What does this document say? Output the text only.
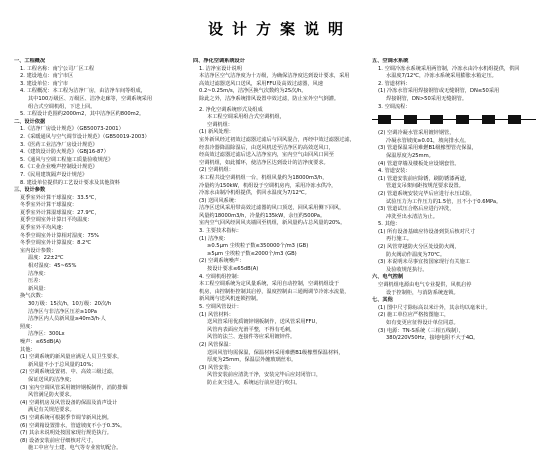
设计方案说明
一、工程概况
1. 工程名称：南宁公司厂区工程
2. 建设地点：南宁市区
3. 建设单位：南宁市
4. 工程概况：本工程为洁净厂房，由洁净车间等组成，
其中100万级区、万级区、洁净走廊等，空调系统采用
组合式空调机组，下送上回。
5. 工程设计范围约2000m2，其中洁净区约800m2。
二、设计依据
1.《洁净厂房设计规范》（GB50073-2001）
2.《采暖通风与空气调节设计规范》（GB50019-2003）
3.《医药工业洁净厂房设计规范》
4.《建筑设计防火规范》（GBJ16-87）
5.《通风与空调工程施工质量验收规范》
6.《工业企业噪声控制设计规范》
7.《民用建筑隔声设计规范》
8. 建设单位提供的工艺设计要求及其他资料
三、设计参数
夏季室外计算干球温度：33.5℃，
冬季室外计算干球温度：
夏季室外计算湿球温度：27.9℃，
夏季空调室外计算日平均温度：
夏季室外平均风速：
冬季空调室外计算相对湿度：75%
冬季空调室外计算温度：8.2℃
室内设计参数：
温度：22±2℃
相对湿度：45~65%
洁净度：
压差：
新风量：
换气次数：
30万级：15次/h，10万级：20次/h
洁净区与非洁净区压差≥10Pa
洁净区内人员新风量≥40m3/h·人
照度：
洁净区：300Lx
噪声：≤65dB(A)
其他：
(1) 空调系统的新风量应满足人员卫生要求，
新风量不小于总风量的10%；
(2) 空调系统设置初、中、高效三级过滤，
保证送风的洁净度；
(3) 室内空调风管采用镀锌钢板制作，消防排烟
风管满足防火要求。
(4) 空调机房及风管设备的保温及消声设计
满足有关规范要求。
(5) 空调系统可根据季节调节新风比例。
(6) 空调箱设置排水，管道坡度不小于0.3%。
(7) 其余未说明处按国家现行规范执行。
(8) 设备安装前应仔细核对尺寸，
施工中应与土建、电气等专业密切配合。
四、净化空调系统设计
1. 洁净室设计说明
本洁净区空气洁净度为十万级，为确保洁净度达到设计要求，采用
高效过滤器送风口送风，采用FFU及高效过滤器，风速
0.2~0.25m/s，洁净区换气次数约为25次/h。
除此之外，洁净系统排风设置中效过滤，防止室外空气倒灌。
2. 净化空调系统形式及组成
本工程空调采用组合式空调机组，
空调机组：
(1) 新风处理：
室外新风经过初效过滤器过滤后与回风混合，再经中效过滤器过滤，
经表冷器降温除湿后，由送风机送至洁净区的高效送风口，
经高效过滤器过滤后送入洁净室内，室内空气由回风口回至
空调机组，如此循环，使洁净区达到设计的洁净度要求。
(2) 空调机组：
本工程共设空调机组一台，机组风量约为18000m3/h，
冷量约为150kW，机组设于空调机房内，采用冷冻水供冷，
冷冻水由制冷机组提供，供回水温度为7/12℃。
(3) 送回风系统：
洁净区送风采用带高效过滤器的风口顶送，回风采用侧下回风，
风量约18000m3/h，冷量约135kW，余压约500Pa。
室内空气回风经回风夹墙回至机组，新风量约占总风量的20%。
3. 主要技术指标：
(1) 洁净度：
≥0.5μm 尘埃粒子数≤350000个/m3 (GB)
≥5μm 尘埃粒子数≤2000个/m3 (GB)
(2) 空调系统噪声：
按设计要求≤65dB(A)
4. 空调机组控制：
本工程空调系统为定风量系统，采用自动控制，空调机组设于
机房，由控制柜控制其启停，温度控制由三通阀调节冷冻水流量，
新风阀与送风机连锁控制。
5. 空调风管设计：
(1) 风管材料：
送风管采用优质镀锌钢板制作，送风管采用FFU，
风管内表面应光滑平整，不得有毛刺，
风管的法兰、连接件等应采用镀锌件。
(2) 风管保温：
送回风管均需保温，保温材料采用难燃B1级橡塑保温材料，
厚度为25mm，保温层外缠玻璃丝布。
(3) 风管安装：
风管安装前应清洗干净，安装完毕后应封闭管口，
防止灰尘进入，系统运行前应进行吹扫。
五、空调水系统
1. 空调冷冻水系统采用两管制，冷冻水由冷水机组提供，供回
水温度7/12℃，冷冻水系统采用膨胀水箱定压。
2. 管道材料：
(1) 冷冻水管采用焊接钢管或无缝钢管，DN≤50采用
焊接钢管，DN>50采用无缝钢管。
3. 空调流程：
(2) 空调冷凝水管采用镀锌钢管，
冷凝水管坡度≥0.01，坡向排水点。
(3) 管道保温采用难燃B1级橡塑管壳保温，
保温厚度为25mm。
(4) 管道穿墙及楼板处应设钢套管。
4. 管道安装：
(1) 管道安装前应除锈，刷防锈漆两道，
管道支吊架间距按规范要求设置。
(2) 管道系统安装完毕后应进行水压试验，
试验压力为工作压力的1.5倍，且不小于0.6MPa。
(3) 管道试压合格后应进行冲洗，
冲洗至出水清洁为止。
5. 其他：
(1) 所有设备基础应待设备到货后核对尺寸
再行施工。
(2) 风管穿越防火分区处设防火阀，
防火阀动作温度为70℃。
(3) 本说明未尽事宜按国家现行有关施工
及验收规范执行。
六、电气控制
空调机组电源由电气专业提供，风机启停
设于控制柜，与消防系统连锁。
七、其他
(1) 图中尺寸除标高以米计外，其余均以毫米计。
(2) 施工单位应严格按图施工，
如有变更应征得设计单位同意。
(3) 电源：TN-S系统（三相五线制），
380/220V50Hz，接地电阻不大于4Ω。
